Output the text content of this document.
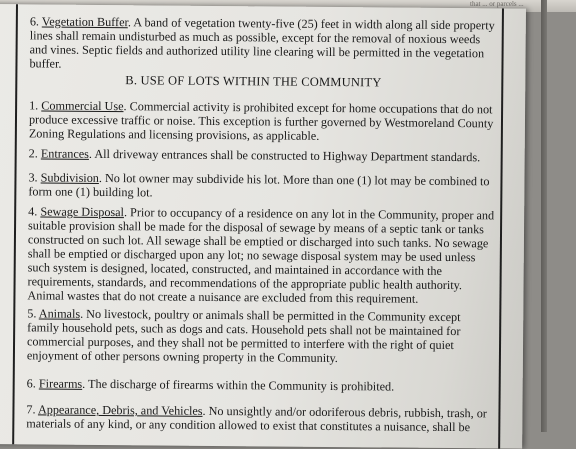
that ... or parcels ...

6. Vegetation Buffer. A band of vegetation twenty-five (25) feet in width along all side property lines shall remain undisturbed as much as possible, except for the removal of noxious weeds and vines. Septic fields and authorized utility line clearing will be permitted in the vegetation buffer.

B. USE OF LOTS WITHIN THE COMMUNITY

1. Commercial Use. Commercial activity is prohibited except for home occupations that do not produce excessive traffic or noise. This exception is further governed by Westmoreland County Zoning Regulations and licensing provisions, as applicable.

2. Entrances. All driveway entrances shall be constructed to Highway Department standards.

3. Subdivision. No lot owner may subdivide his lot. More than one (1) lot may be combined to form one (1) building lot.

4. Sewage Disposal. Prior to occupancy of a residence on any lot in the Community, proper and suitable provision shall be made for the disposal of sewage by means of a septic tank or tanks constructed on such lot. All sewage shall be emptied or discharged into such tanks. No sewage shall be emptied or discharged upon any lot; no sewage disposal system may be used unless such system is designed, located, constructed, and maintained in accordance with the requirements, standards, and recommendations of the appropriate public health authority. Animal wastes that do not create a nuisance are excluded from this requirement.

5. Animals. No livestock, poultry or animals shall be permitted in the Community except family household pets, such as dogs and cats. Household pets shall not be maintained for commercial purposes, and they shall not be permitted to interfere with the right of quiet enjoyment of other persons owning property in the Community.

6. Firearms. The discharge of firearms within the Community is prohibited.

7. Appearance, Debris, and Vehicles. No unsightly and/or odoriferous debris, rubbish, trash, or materials of any kind, or any condition allowed to exist that constitutes a nuisance, shall be
